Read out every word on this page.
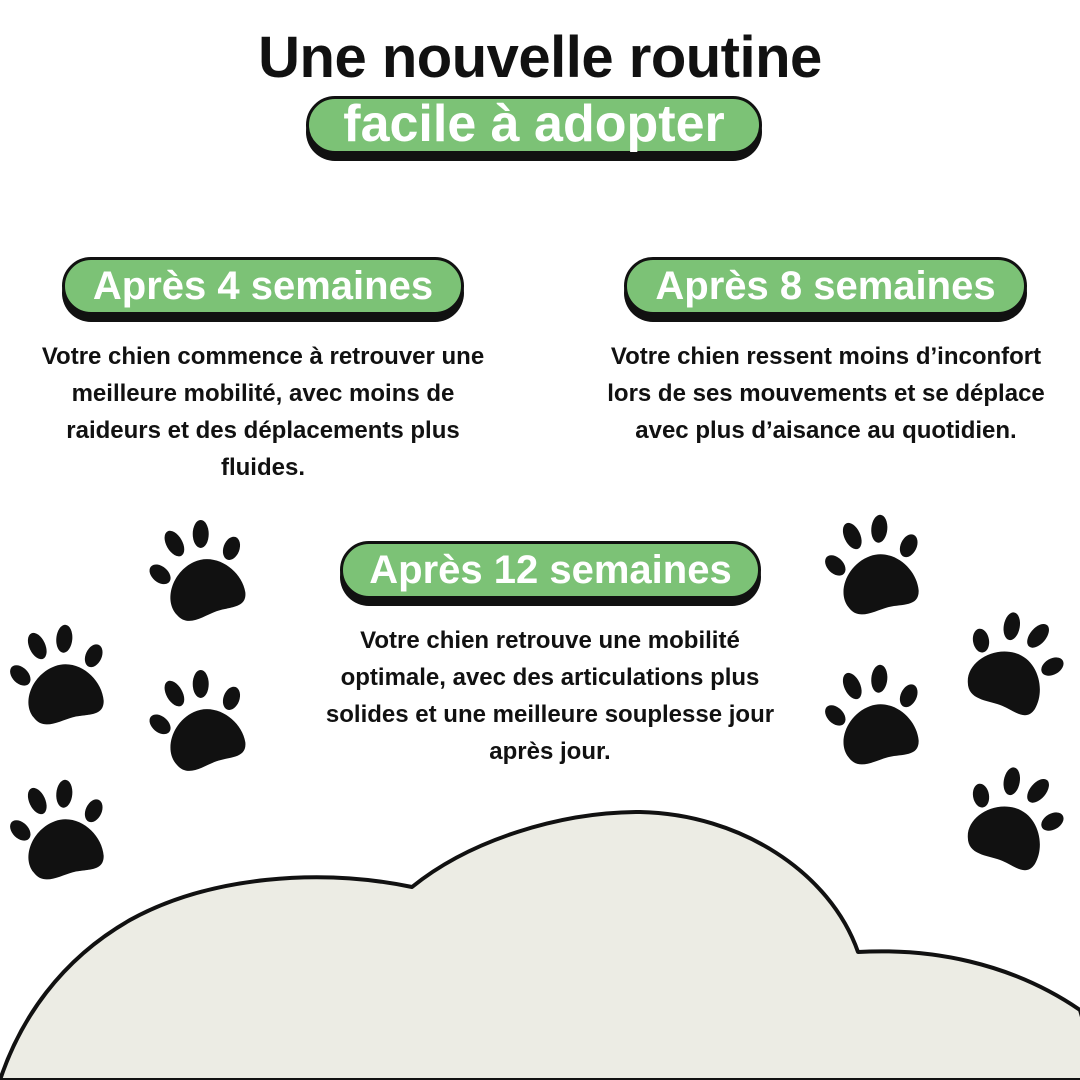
Une nouvelle routine
facile à adopter
Après 4 semaines

Votre chien commence à retrouver une meilleure mobilité, avec moins de raideurs et des déplacements plus fluides.

Après 8 semaines

Votre chien ressent moins d’inconfort lors de ses mouvements et se déplace avec plus d’aisance au quotidien.

Après 12 semaines

Votre chien retrouve une mobilité optimale, avec des articulations plus solides et une meilleure souplesse jour après jour.
